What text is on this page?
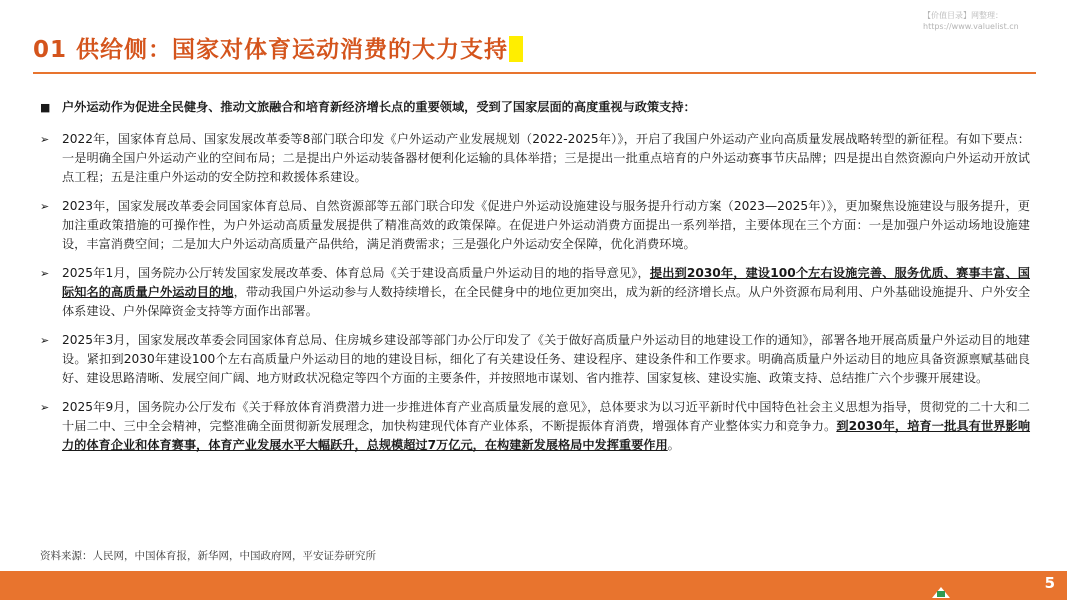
【价值目录】网整理：
https://www.valuelist.cn
01 供给侧：国家对体育运动消费的大力支持
■ 户外运动作为促进全民健身、推动文旅融合和培育新经济增长点的重要领域，受到了国家层面的高度重视与政策支持：
➢	2022年，国家体育总局、国家发展改革委等8部门联合印发《户外运动产业发展规划（2022-2025年）》，开启了我国户外运动产业向高质量发展战略转型的新征程。有如下要点：一是明确全国户外运动产业的空间布局；二是提出户外运动装备器材便利化运输的具体举措；三是提出一批重点培育的户外运动赛事节庆品牌；四是提出自然资源向户外运动开放试点工程；五是注重户外运动的安全防控和救援体系建设。
➢	2023年，国家发展改革委会同国家体育总局、自然资源部等五部门联合印发《促进户外运动设施建设与服务提升行动方案（2023—2025年）》，更加聚焦设施建设与服务提升，更加注重政策措施的可操作性，为户外运动高质量发展提供了精准高效的政策保障。在促进户外运动消费方面提出一系列举措，主要体现在三个方面：一是加强户外运动场地设施建设，丰富消费空间；二是加大户外运动高质量产品供给，满足消费需求；三是强化户外运动安全保障，优化消费环境。
➢	2025年1月，国务院办公厅转发国家发展改革委、体育总局《关于建设高质量户外运动目的地的指导意见》，提出到2030年，建设100个左右设施完善、服务优质、赛事丰富、国际知名的高质量户外运动目的地，带动我国户外运动参与人数持续增长，在全民健身中的地位更加突出，成为新的经济增长点。从户外资源布局利用、户外基础设施提升、户外安全体系建设、户外保障资金支持等方面作出部署。
➢	2025年3月，国家发展改革委会同国家体育总局、住房城乡建设部等部门办公厅印发了《关于做好高质量户外运动目的地建设工作的通知》，部署各地开展高质量户外运动目的地建设。紧扣到2030年建设100个左右高质量户外运动目的地的建设目标，细化了有关建设任务、建设程序、建设条件和工作要求。明确高质量户外运动目的地应具备资源禀赋基础良好、建设思路清晰、发展空间广阔、地方财政状况稳定等四个方面的主要条件，并按照地市谋划、省内推荐、国家复核、建设实施、政策支持、总结推广六个步骤开展建设。
➢	2025年9月，国务院办公厅发布《关于释放体育消费潜力进一步推进体育产业高质量发展的意见》，总体要求为以习近平新时代中国特色社会主义思想为指导，贯彻党的二十大和二十届二中、三中全会精神，完整准确全面贯彻新发展理念，加快构建现代体育产业体系，不断提振体育消费，增强体育产业整体实力和竞争力。到2030年，培育一批具有世界影响力的体育企业和体育赛事，体育产业发展水平大幅跃升，总规模超过7万亿元，在构建新发展格局中发挥重要作用。
资料来源：人民网，中国体育报，新华网，中国政府网，平安证券研究所
5
